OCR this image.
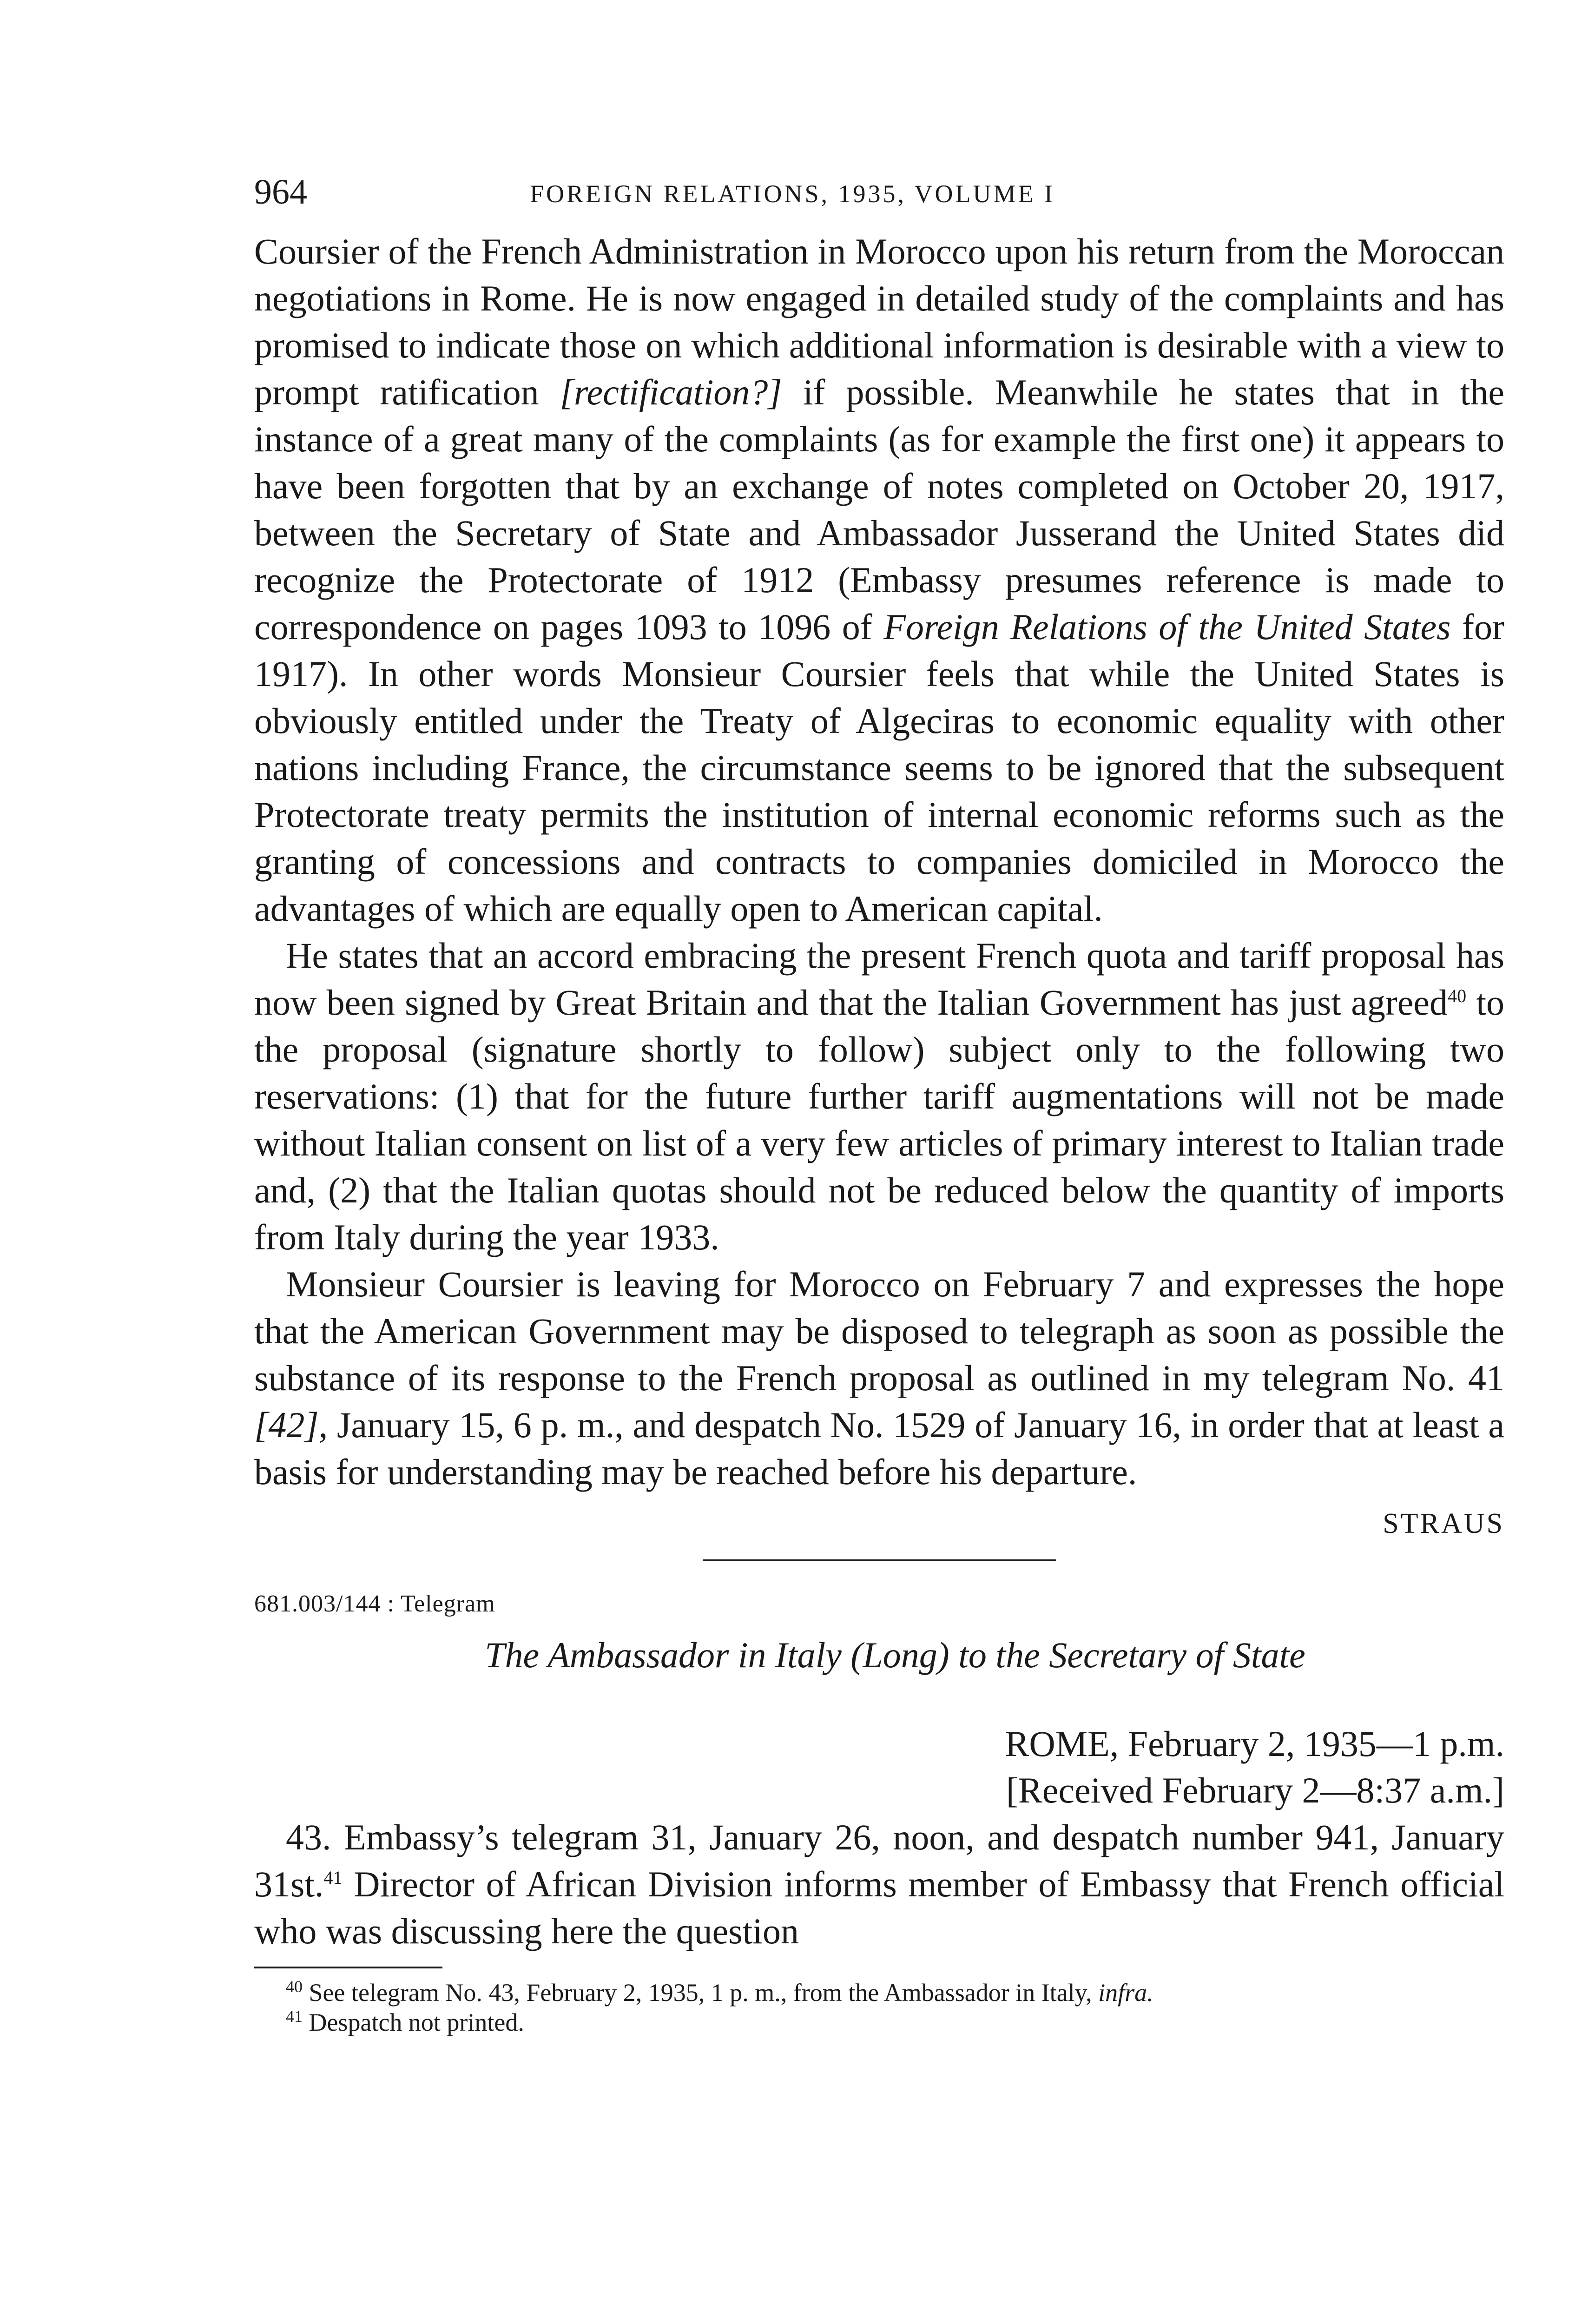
964	FOREIGN RELATIONS, 1935, VOLUME I

Coursier of the French Administration in Morocco upon his return from the Moroccan negotiations in Rome. He is now engaged in detailed study of the complaints and has promised to indicate those on which additional information is desirable with a view to prompt ratification [rectification?] if possible. Meanwhile he states that in the instance of a great many of the complaints (as for example the first one) it appears to have been forgotten that by an exchange of notes completed on October 20, 1917, between the Secretary of State and Ambassador Jusserand the United States did recognize the Protectorate of 1912 (Embassy presumes reference is made to correspondence on pages 1093 to 1096 of Foreign Relations of the United States for 1917). In other words Monsieur Coursier feels that while the United States is obviously entitled under the Treaty of Algeciras to economic equality with other nations including France, the circumstance seems to be ignored that the subsequent Protectorate treaty permits the institution of internal economic reforms such as the granting of concessions and contracts to companies domiciled in Morocco the advantages of which are equally open to American capital.

He states that an accord embracing the present French quota and tariff proposal has now been signed by Great Britain and that the Italian Government has just agreed$^{40}$ to the proposal (signature shortly to follow) subject only to the following two reservations: (1) that for the future further tariff augmentations will not be made without Italian consent on list of a very few articles of primary interest to Italian trade and, (2) that the Italian quotas should not be reduced below the quantity of imports from Italy during the year 1933.

Monsieur Coursier is leaving for Morocco on February 7 and expresses the hope that the American Government may be disposed to telegraph as soon as possible the substance of its response to the French proposal as outlined in my telegram No. 41 [42], January 15, 6 p. m., and despatch No. 1529 of January 16, in order that at least a basis for understanding may be reached before his departure.

STRAUS
681.003/144 : Telegram
The Ambassador in Italy (Long) to the Secretary of State
ROME, February 2, 1935—1 p.m.
[Received February 2—8:37 a.m.]

43. Embassy’s telegram 31, January 26, noon, and despatch number 941, January 31st.$^{41}$ Director of African Division informs member of Embassy that French official who was discussing here the question

$^{40}$ See telegram No. 43, February 2, 1935, 1 p. m., from the Ambassador in Italy, infra.

$^{41}$ Despatch not printed.
